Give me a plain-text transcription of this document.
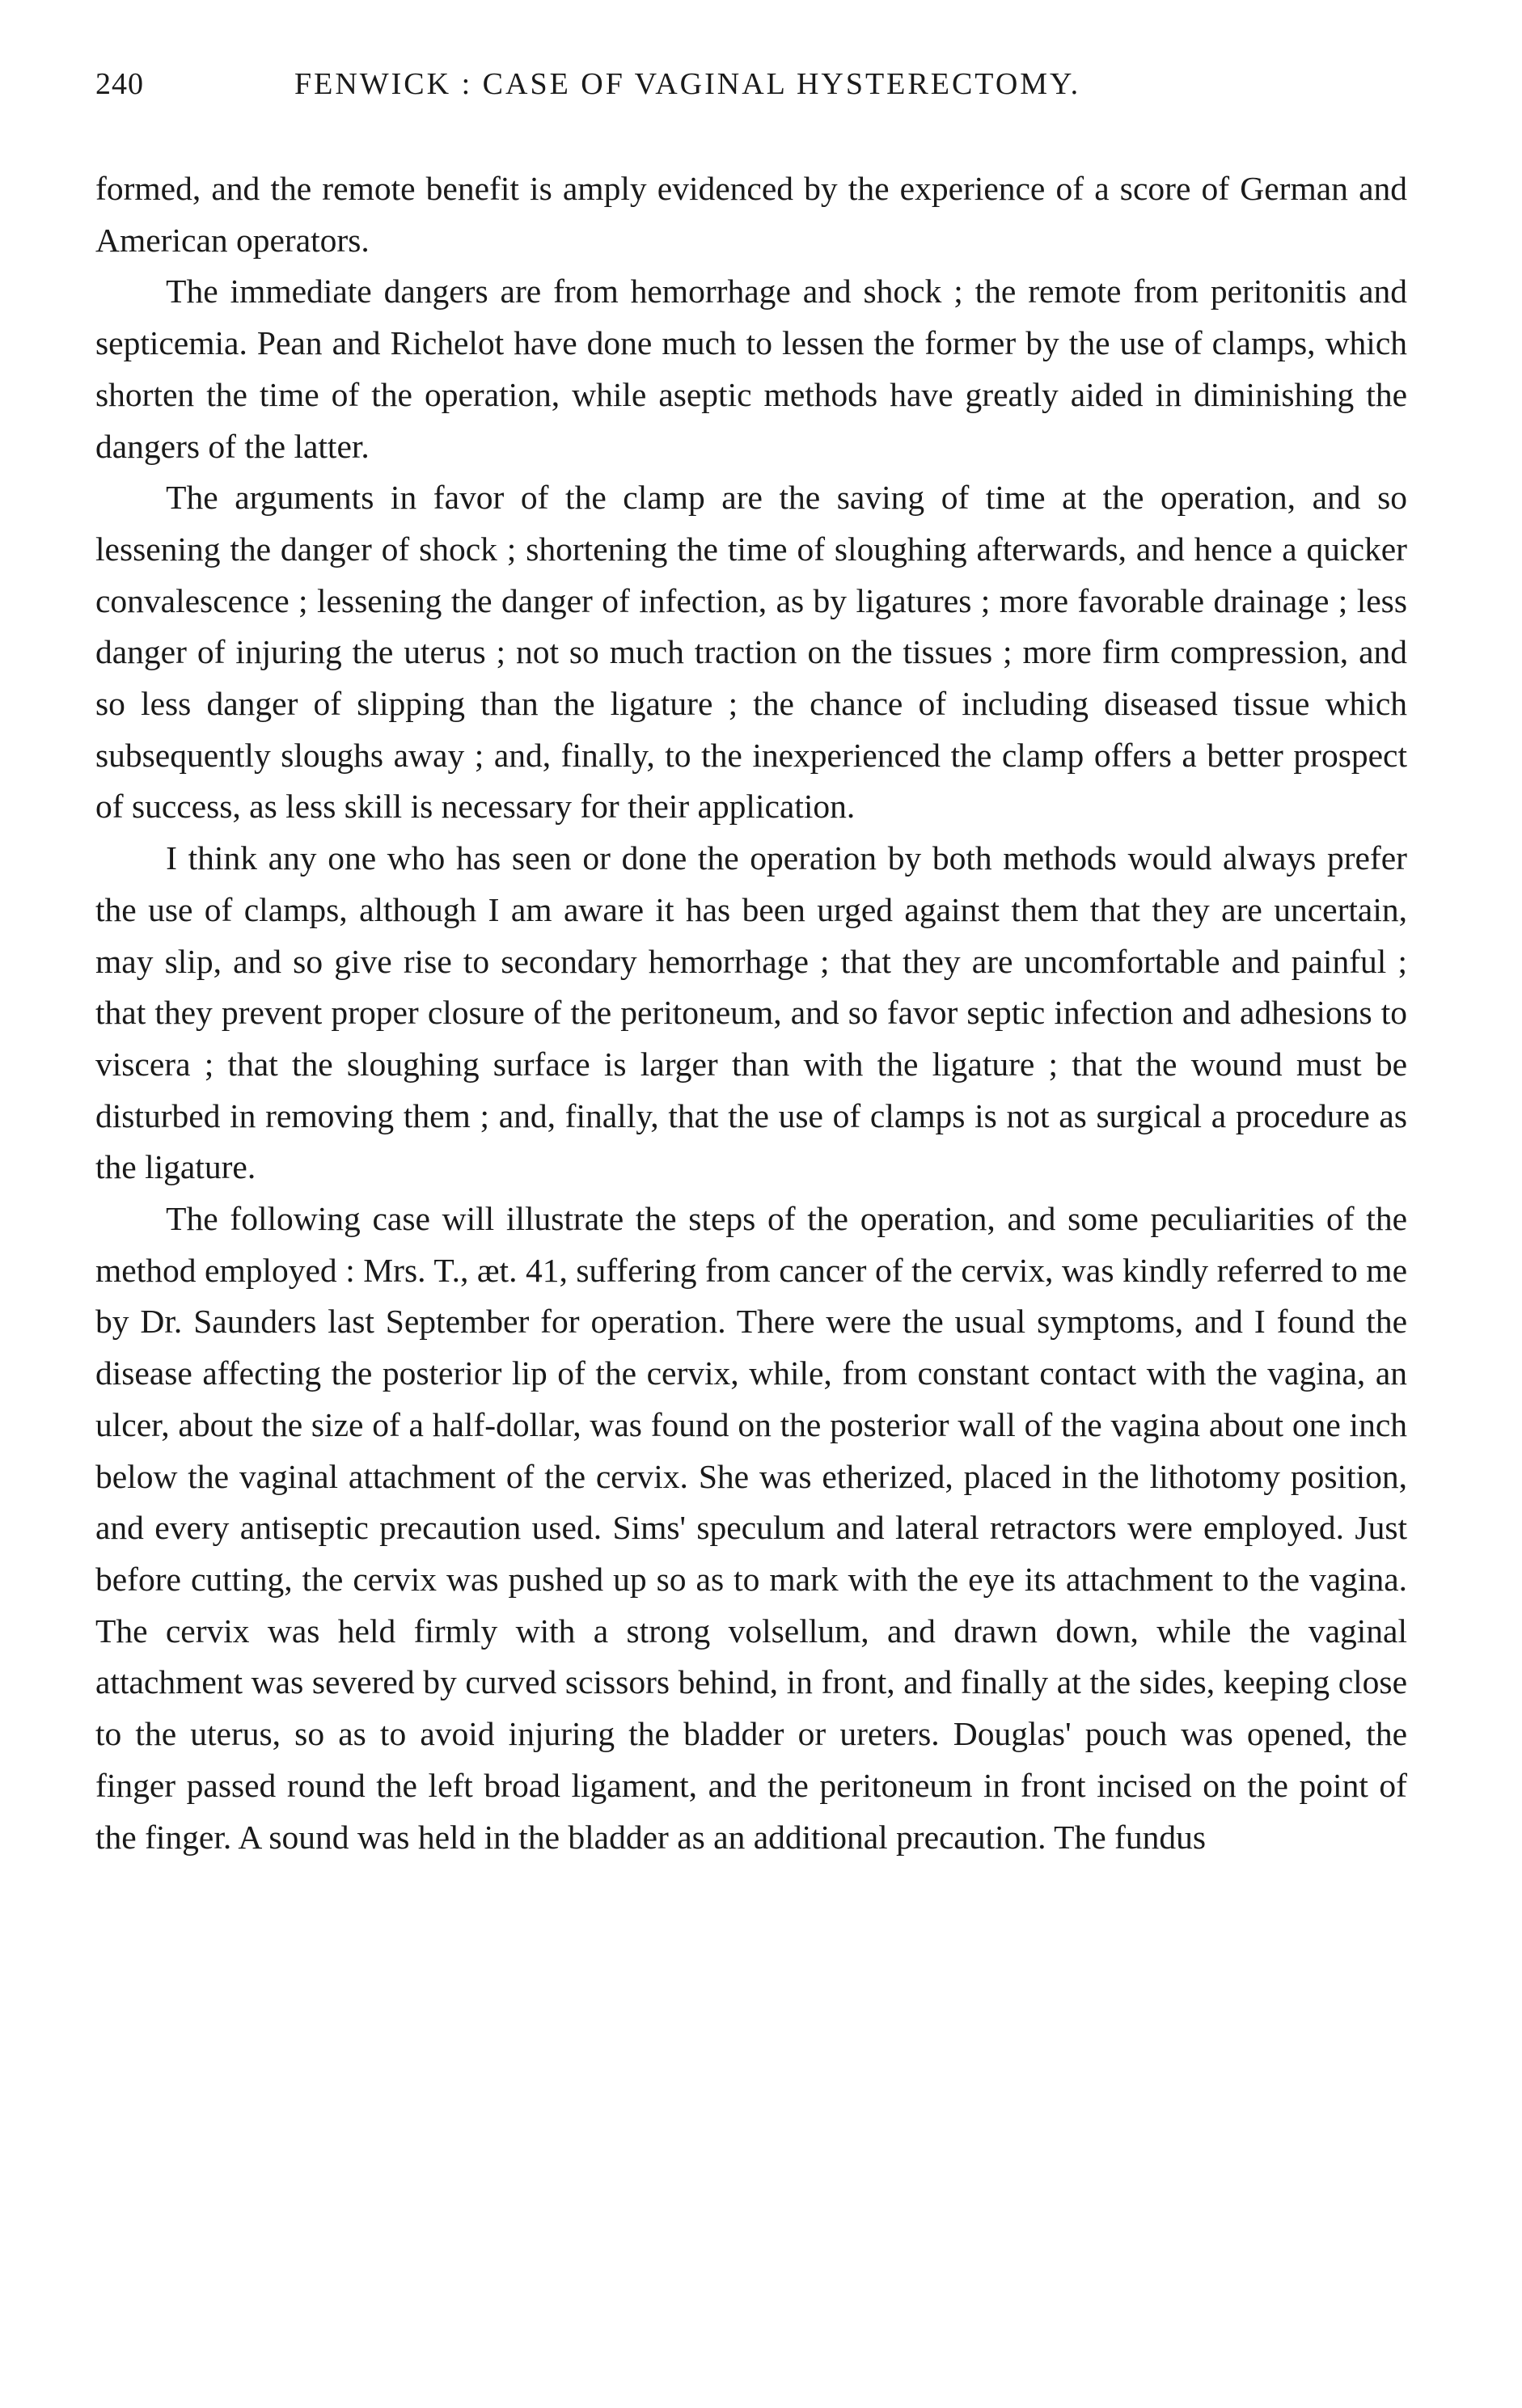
240	FENWICK : CASE OF VAGINAL HYSTERECTOMY.

formed, and the remote benefit is amply evidenced by the experience of a score of German and American operators.

The immediate dangers are from hemorrhage and shock ; the remote from peritonitis and septicemia. Pean and Richelot have done much to lessen the former by the use of clamps, which shorten the time of the operation, while aseptic methods have greatly aided in diminishing the dangers of the latter.

The arguments in favor of the clamp are the saving of time at the operation, and so lessening the danger of shock ; shortening the time of sloughing afterwards, and hence a quicker convalescence ; lessening the danger of infection, as by ligatures ; more favorable drainage ; less danger of injuring the uterus ; not so much traction on the tissues ; more firm compression, and so less danger of slipping than the ligature ; the chance of including diseased tissue which subsequently sloughs away ; and, finally, to the inexperienced the clamp offers a better prospect of success, as less skill is necessary for their application.

I think any one who has seen or done the operation by both methods would always prefer the use of clamps, although I am aware it has been urged against them that they are uncertain, may slip, and so give rise to secondary hemorrhage ; that they are uncomfortable and painful ; that they prevent proper closure of the peritoneum, and so favor septic infection and adhesions to viscera ; that the sloughing surface is larger than with the ligature ; that the wound must be disturbed in removing them ; and, finally, that the use of clamps is not as surgical a procedure as the ligature.

The following case will illustrate the steps of the operation, and some peculiarities of the method employed : Mrs. T., æt. 41, suffering from cancer of the cervix, was kindly referred to me by Dr. Saunders last September for operation. There were the usual symptoms, and I found the disease affecting the posterior lip of the cervix, while, from constant contact with the vagina, an ulcer, about the size of a half-dollar, was found on the posterior wall of the vagina about one inch below the vaginal attachment of the cervix. She was etherized, placed in the lithotomy position, and every antiseptic precaution used. Sims' speculum and lateral retractors were employed. Just before cutting, the cervix was pushed up so as to mark with the eye its attachment to the vagina. The cervix was held firmly with a strong volsellum, and drawn down, while the vaginal attachment was severed by curved scissors behind, in front, and finally at the sides, keeping close to the uterus, so as to avoid injuring the bladder or ureters. Douglas' pouch was opened, the finger passed round the left broad ligament, and the peritoneum in front incised on the point of the finger. A sound was held in the bladder as an additional precaution. The fundus
